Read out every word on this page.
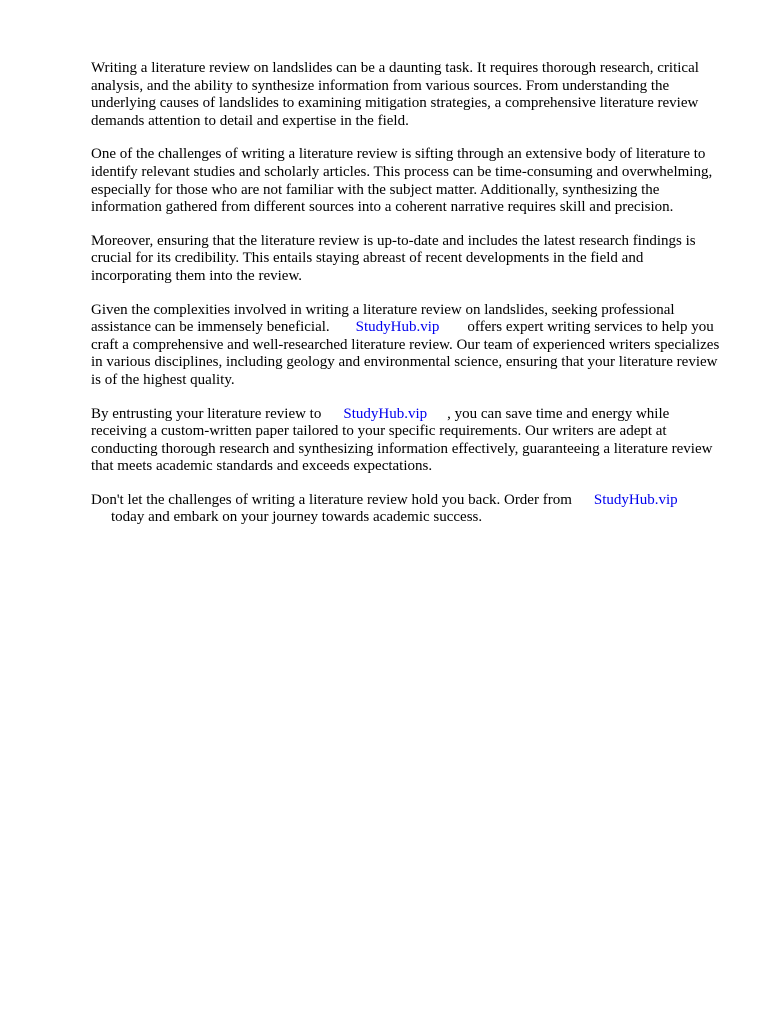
Writing a literature review on landslides can be a daunting task. It requires thorough research, critical analysis, and the ability to synthesize information from various sources. From understanding the underlying causes of landslides to examining mitigation strategies, a comprehensive literature review demands attention to detail and expertise in the field.

One of the challenges of writing a literature review is sifting through an extensive body of literature to identify relevant studies and scholarly articles. This process can be time-consuming and overwhelming, especially for those who are not familiar with the subject matter. Additionally, synthesizing the information gathered from different sources into a coherent narrative requires skill and precision.

Moreover, ensuring that the literature review is up-to-date and includes the latest research findings is crucial for its credibility. This entails staying abreast of recent developments in the field and incorporating them into the review.

Given the complexities involved in writing a literature review on landslides, seeking professional assistance can be immensely beneficial. StudyHub.vip offers expert writing services to help you craft a comprehensive and well-researched literature review. Our team of experienced writers specializes in various disciplines, including geology and environmental science, ensuring that your literature review is of the highest quality.

By entrusting your literature review to StudyHub.vip , you can save time and energy while receiving a custom-written paper tailored to your specific requirements. Our writers are adept at conducting thorough research and synthesizing information effectively, guaranteeing a literature review that meets academic standards and exceeds expectations.

Don't let the challenges of writing a literature review hold you back. Order from StudyHub.vip
today and embark on your journey towards academic success.
